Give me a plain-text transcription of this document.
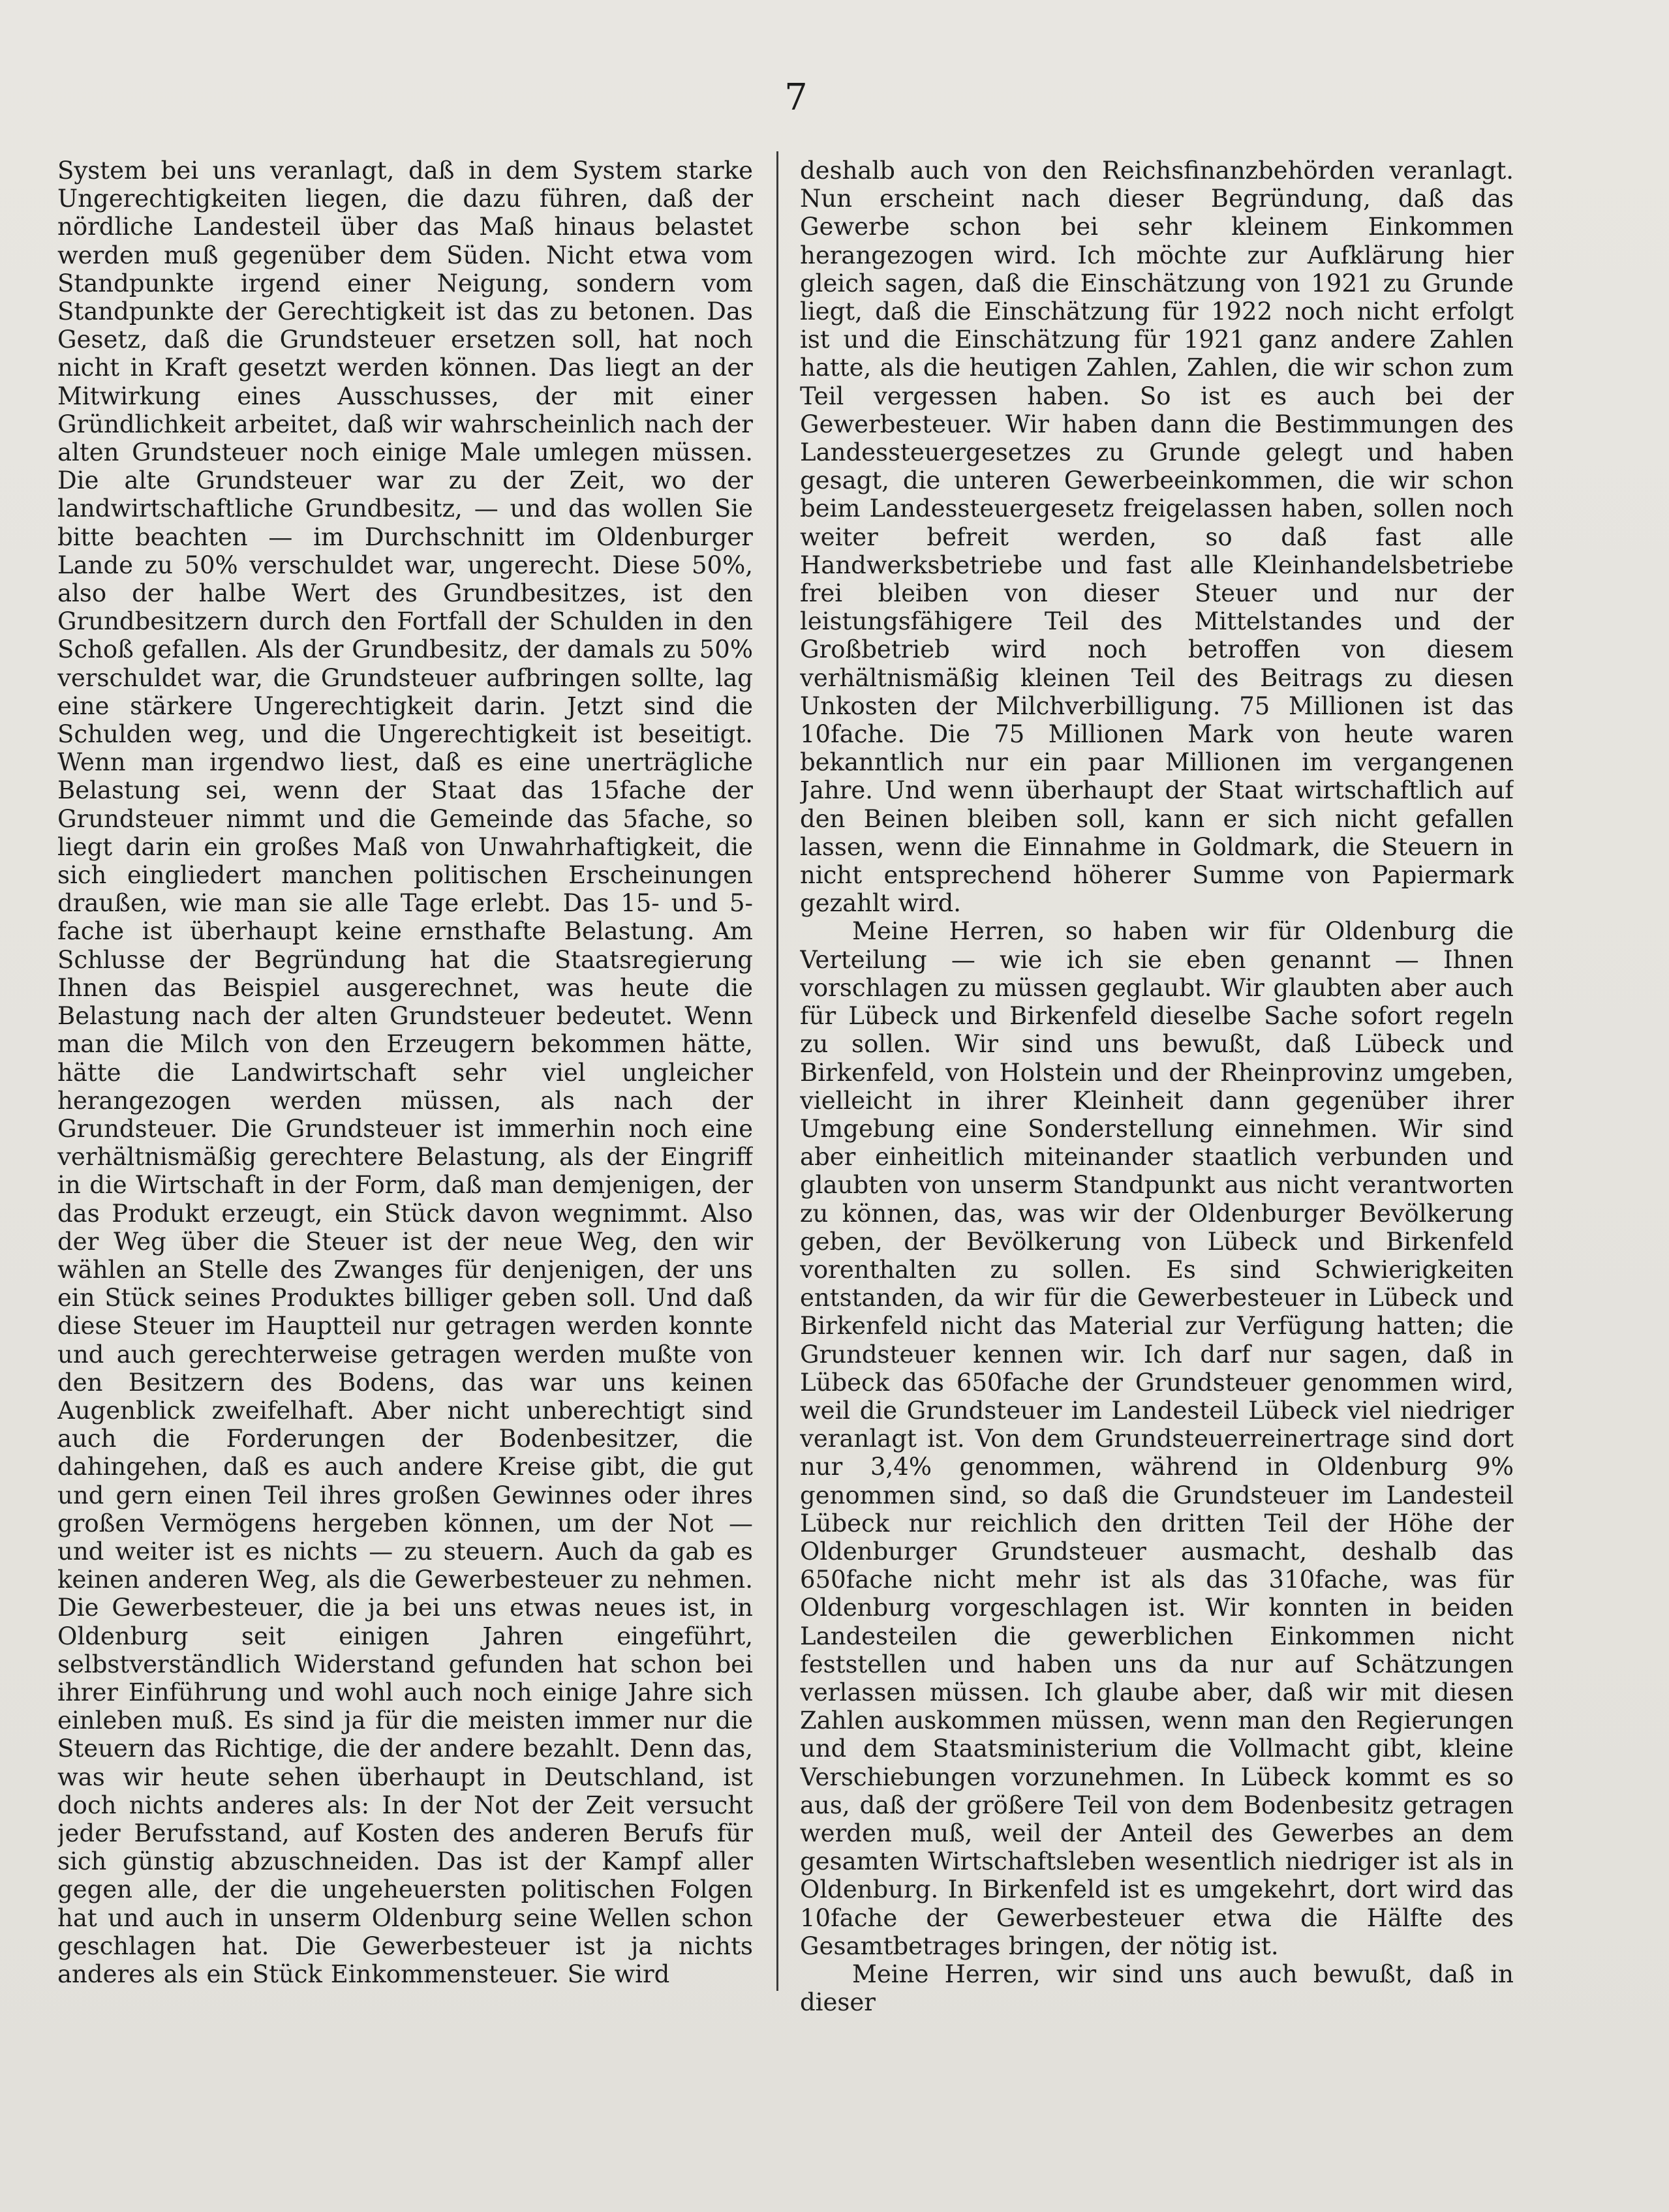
7

System bei uns veranlagt, daß in dem System starke Ungerechtigkeiten liegen, die dazu führen, daß der nördliche Landesteil über das Maß hinaus belastet werden muß gegenüber dem Süden. Nicht etwa vom Standpunkte irgend einer Neigung, sondern vom Standpunkte der Gerechtigkeit ist das zu betonen. Das Gesetz, daß die Grundsteuer ersetzen soll, hat noch nicht in Kraft gesetzt werden können. Das liegt an der Mitwirkung eines Ausschusses, der mit einer Gründlichkeit arbeitet, daß wir wahrscheinlich nach der alten Grundsteuer noch einige Male umlegen müssen. Die alte Grundsteuer war zu der Zeit, wo der landwirtschaftliche Grundbesitz, — und das wollen Sie bitte beachten — im Durchschnitt im Oldenburger Lande zu 50% verschuldet war, ungerecht. Diese 50%, also der halbe Wert des Grundbesitzes, ist den Grundbesitzern durch den Fortfall der Schulden in den Schoß gefallen. Als der Grundbesitz, der damals zu 50% verschuldet war, die Grundsteuer aufbringen sollte, lag eine stärkere Ungerechtigkeit darin. Jetzt sind die Schulden weg, und die Ungerechtigkeit ist beseitigt. Wenn man irgendwo liest, daß es eine unerträgliche Belastung sei, wenn der Staat das 15fache der Grundsteuer nimmt und die Gemeinde das 5fache, so liegt darin ein großes Maß von Unwahrhaftigkeit, die sich eingliedert manchen politischen Erscheinungen draußen, wie man sie alle Tage erlebt. Das 15- und 5-fache ist überhaupt keine ernsthafte Belastung. Am Schlusse der Begründung hat die Staatsregierung Ihnen das Beispiel ausgerechnet, was heute die Belastung nach der alten Grundsteuer bedeutet. Wenn man die Milch von den Erzeugern bekommen hätte, hätte die Landwirtschaft sehr viel ungleicher herangezogen werden müssen, als nach der Grundsteuer. Die Grundsteuer ist immerhin noch eine verhältnismäßig gerechtere Belastung, als der Eingriff in die Wirtschaft in der Form, daß man demjenigen, der das Produkt erzeugt, ein Stück davon wegnimmt. Also der Weg über die Steuer ist der neue Weg, den wir wählen an Stelle des Zwanges für denjenigen, der uns ein Stück seines Produktes billiger geben soll. Und daß diese Steuer im Hauptteil nur getragen werden konnte und auch gerechterweise getragen werden mußte von den Besitzern des Bodens, das war uns keinen Augenblick zweifelhaft. Aber nicht unberechtigt sind auch die Forderungen der Bodenbesitzer, die dahingehen, daß es auch andere Kreise gibt, die gut und gern einen Teil ihres großen Gewinnes oder ihres großen Vermögens hergeben können, um der Not — und weiter ist es nichts — zu steuern. Auch da gab es keinen anderen Weg, als die Gewerbesteuer zu nehmen. Die Gewerbesteuer, die ja bei uns etwas neues ist, in Oldenburg seit einigen Jahren eingeführt, selbstverständlich Widerstand gefunden hat schon bei ihrer Einführung und wohl auch noch einige Jahre sich einleben muß. Es sind ja für die meisten immer nur die Steuern das Richtige, die der andere bezahlt. Denn das, was wir heute sehen überhaupt in Deutschland, ist doch nichts anderes als: In der Not der Zeit versucht jeder Berufsstand, auf Kosten des anderen Berufs für sich günstig abzuschneiden. Das ist der Kampf aller gegen alle, der die ungeheuersten politischen Folgen hat und auch in unserm Oldenburg seine Wellen schon geschlagen hat. Die Gewerbesteuer ist ja nichts anderes als ein Stück Einkommensteuer. Sie wird

deshalb auch von den Reichsfinanzbehörden veranlagt. Nun erscheint nach dieser Begründung, daß das Gewerbe schon bei sehr kleinem Einkommen herangezogen wird. Ich möchte zur Aufklärung hier gleich sagen, daß die Einschätzung von 1921 zu Grunde liegt, daß die Einschätzung für 1922 noch nicht erfolgt ist und die Einschätzung für 1921 ganz andere Zahlen hatte, als die heutigen Zahlen, Zahlen, die wir schon zum Teil vergessen haben. So ist es auch bei der Gewerbesteuer. Wir haben dann die Bestimmungen des Landessteuergesetzes zu Grunde gelegt und haben gesagt, die unteren Gewerbeeinkommen, die wir schon beim Landessteuergesetz freigelassen haben, sollen noch weiter befreit werden, so daß fast alle Handwerksbetriebe und fast alle Kleinhandelsbetriebe frei bleiben von dieser Steuer und nur der leistungsfähigere Teil des Mittelstandes und der Großbetrieb wird noch betroffen von diesem verhältnismäßig kleinen Teil des Beitrags zu diesen Unkosten der Milchverbilligung. 75 Millionen ist das 10fache. Die 75 Millionen Mark von heute waren bekanntlich nur ein paar Millionen im vergangenen Jahre. Und wenn überhaupt der Staat wirtschaftlich auf den Beinen bleiben soll, kann er sich nicht gefallen lassen, wenn die Einnahme in Goldmark, die Steuern in nicht entsprechend höherer Summe von Papiermark gezahlt wird.

Meine Herren, so haben wir für Oldenburg die Verteilung — wie ich sie eben genannt — Ihnen vorschlagen zu müssen geglaubt. Wir glaubten aber auch für Lübeck und Birkenfeld dieselbe Sache sofort regeln zu sollen. Wir sind uns bewußt, daß Lübeck und Birkenfeld, von Holstein und der Rheinprovinz umgeben, vielleicht in ihrer Kleinheit dann gegenüber ihrer Umgebung eine Sonderstellung einnehmen. Wir sind aber einheitlich miteinander staatlich verbunden und glaubten von unserm Standpunkt aus nicht verantworten zu können, das, was wir der Oldenburger Bevölkerung geben, der Bevölkerung von Lübeck und Birkenfeld vorenthalten zu sollen. Es sind Schwierigkeiten entstanden, da wir für die Gewerbesteuer in Lübeck und Birkenfeld nicht das Material zur Verfügung hatten; die Grundsteuer kennen wir. Ich darf nur sagen, daß in Lübeck das 650fache der Grundsteuer genommen wird, weil die Grundsteuer im Landesteil Lübeck viel niedriger veranlagt ist. Von dem Grundsteuerreinertrage sind dort nur 3,4% genommen, während in Oldenburg 9% genommen sind, so daß die Grundsteuer im Landesteil Lübeck nur reichlich den dritten Teil der Höhe der Oldenburger Grundsteuer ausmacht, deshalb das 650fache nicht mehr ist als das 310fache, was für Oldenburg vorgeschlagen ist. Wir konnten in beiden Landesteilen die gewerblichen Einkommen nicht feststellen und haben uns da nur auf Schätzungen verlassen müssen. Ich glaube aber, daß wir mit diesen Zahlen auskommen müssen, wenn man den Regierungen und dem Staatsministerium die Vollmacht gibt, kleine Verschiebungen vorzunehmen. In Lübeck kommt es so aus, daß der größere Teil von dem Bodenbesitz getragen werden muß, weil der Anteil des Gewerbes an dem gesamten Wirtschaftsleben wesentlich niedriger ist als in Oldenburg. In Birkenfeld ist es umgekehrt, dort wird das 10fache der Gewerbesteuer etwa die Hälfte des Gesamtbetrages bringen, der nötig ist.

Meine Herren, wir sind uns auch bewußt, daß in dieser
